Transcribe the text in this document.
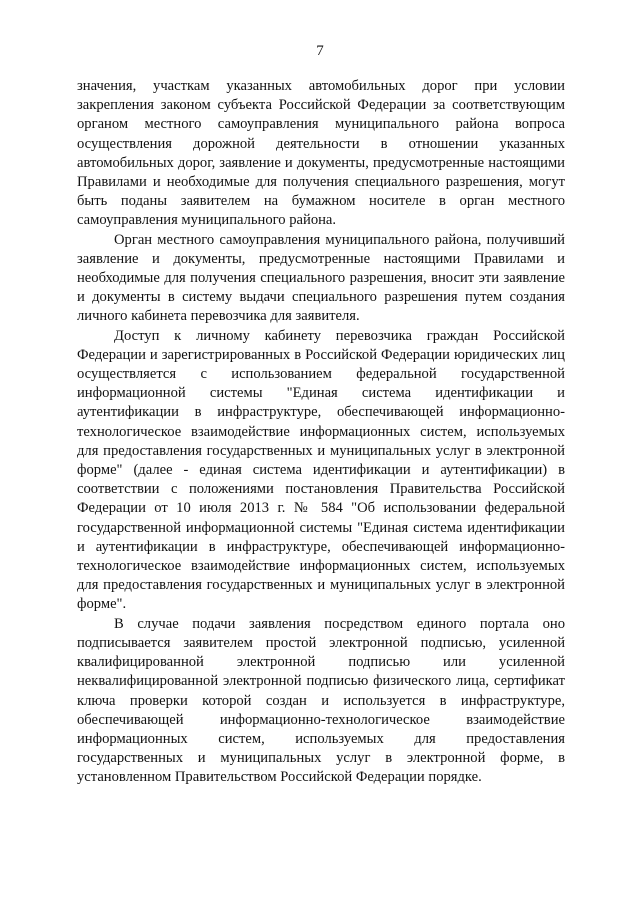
7

значения, участкам указанных автомобильных дорог при условии закрепления законом субъекта Российской Федерации за соответствующим органом местного самоуправления муниципального района вопроса осуществления дорожной деятельности в отношении указанных автомобильных дорог, заявление и документы, предусмотренные настоящими Правилами и необходимые для получения специального разрешения, могут быть поданы заявителем на бумажном носителе в орган местного самоуправления муниципального района.

Орган местного самоуправления муниципального района, получивший заявление и документы, предусмотренные настоящими Правилами и необходимые для получения специального разрешения, вносит эти заявление и документы в систему выдачи специального разрешения путем создания личного кабинета перевозчика для заявителя.

Доступ к личному кабинету перевозчика граждан Российской Федерации и зарегистрированных в Российской Федерации юридических лиц осуществляется с использованием федеральной государственной информационной системы "Единая система идентификации и аутентификации в инфраструктуре, обеспечивающей информационно-технологическое взаимодействие информационных систем, используемых для предоставления государственных и муниципальных услуг в электронной форме" (далее - единая система идентификации и аутентификации) в соответствии с положениями постановления Правительства Российской Федерации от 10 июля 2013 г. № 584 "Об использовании федеральной государственной информационной системы "Единая система идентификации и аутентификации в инфраструктуре, обеспечивающей информационно-технологическое взаимодействие информационных систем, используемых для предоставления государственных и муниципальных услуг в электронной форме".

В случае подачи заявления посредством единого портала оно подписывается заявителем простой электронной подписью, усиленной квалифицированной электронной подписью или усиленной неквалифицированной электронной подписью физического лица, сертификат ключа проверки которой создан и используется в инфраструктуре, обеспечивающей информационно-технологическое взаимодействие информационных систем, используемых для предоставления государственных и муниципальных услуг в электронной форме, в установленном Правительством Российской Федерации порядке.
